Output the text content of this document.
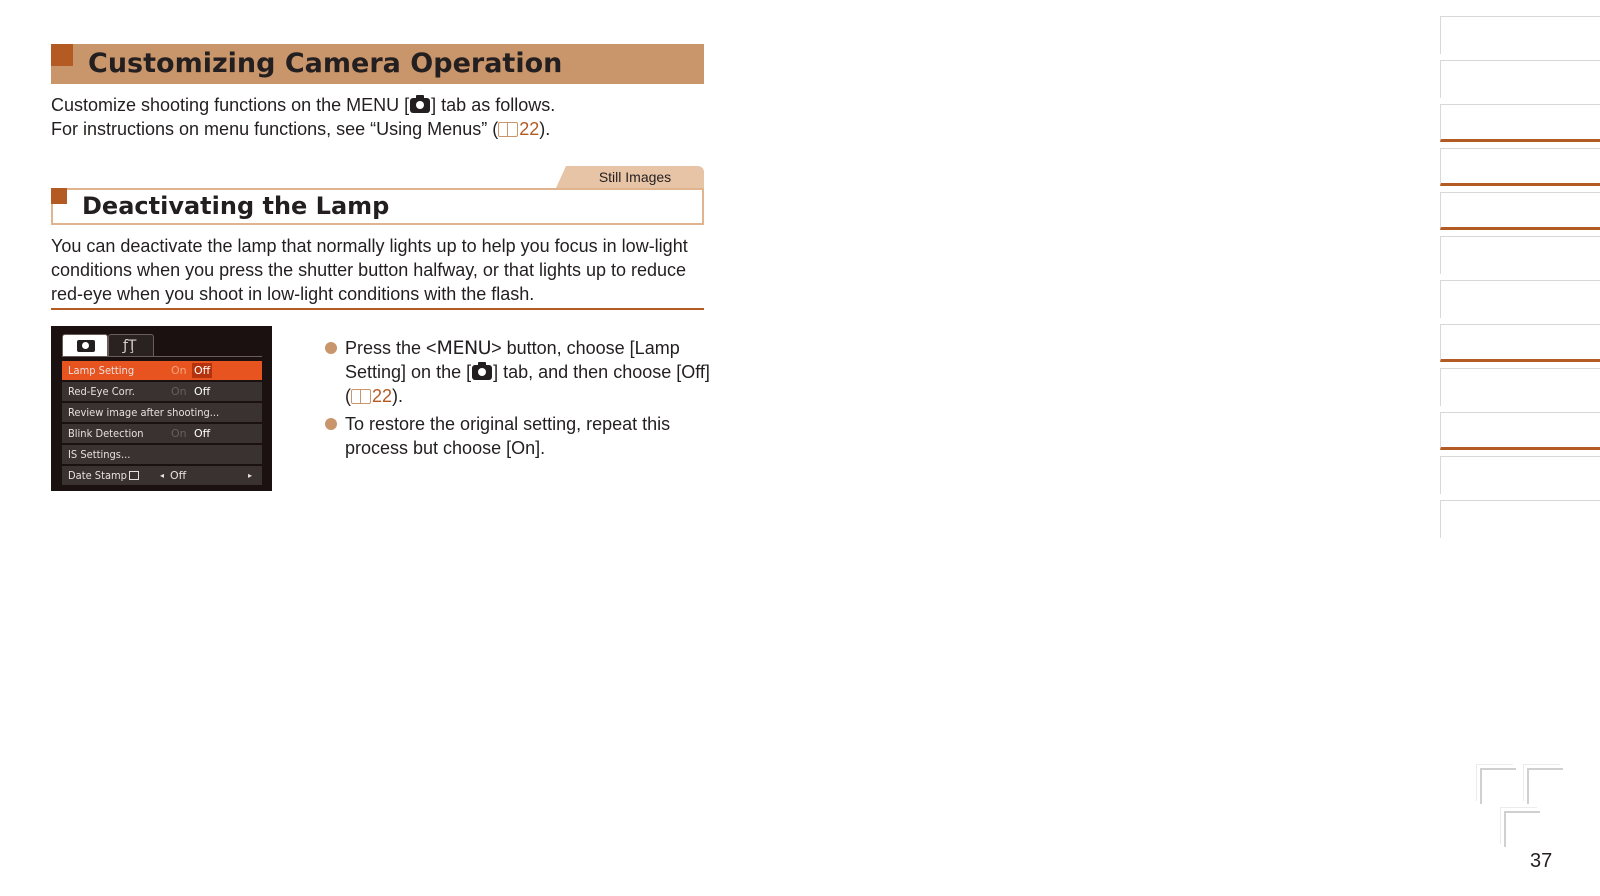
Customizing Camera Operation

Customize shooting functions on the MENU [ ] tab as follows.

For instructions on menu functions, see “Using Menus” ( 22).

Still Images
Deactivating the Lamp
You can deactivate the lamp that normally lights up to help you focus in low-light conditions when you press the shutter button halfway, or that lights up to reduce red-eye when you shoot in low-light conditions with the flash.
ƒŢ
Lamp Setting	On Off
Red-Eye Corr.	On Off
Review image after shooting...
Blink Detection On Off
IS Settings...
Date Stamp	◂ Off	▸
Press the <MENU> button, choose [Lamp Setting] on the [ ] tab, and then choose [Off] ( 22).
To restore the original setting, repeat this process but choose [On].
37
